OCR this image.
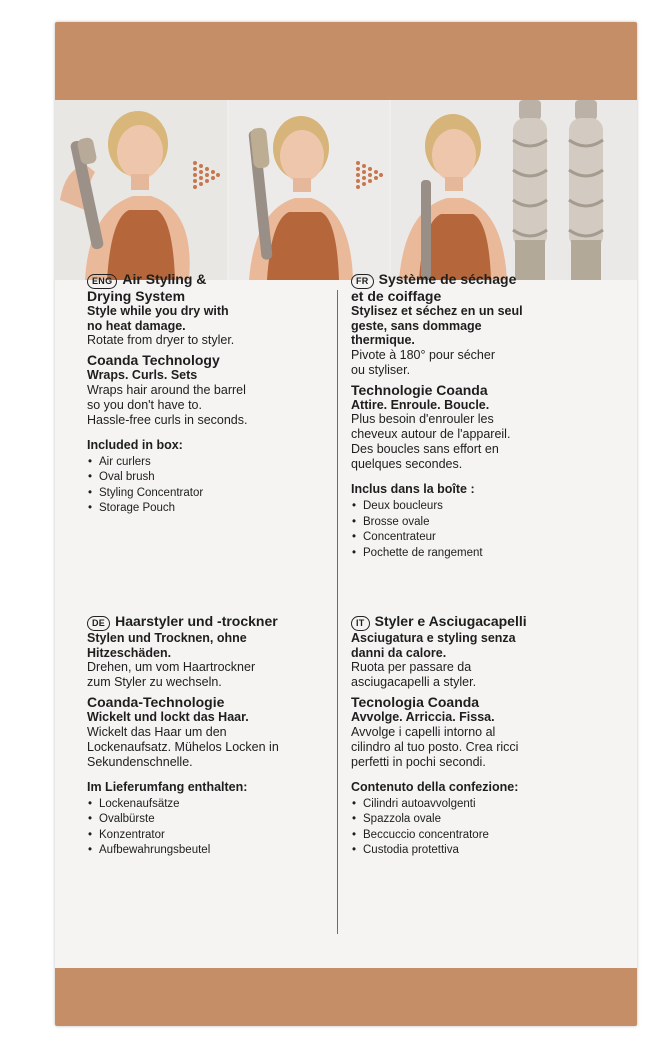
ENG Air Styling &
Drying System
Style while you dry with
no heat damage.
Rotate from dryer to styler.
Coanda Technology
Wraps. Curls. Sets
Wraps hair around the barrel
so you don't have to.
Hassle-free curls in seconds.
Included in box:
• Air curlers
• Oval brush
• Styling Concentrator
• Storage Pouch
FR Système de séchage
et de coiffage
Stylisez et séchez en un seul
geste, sans dommage
thermique.
Pivote à 180° pour sécher
ou styliser.
Technologie Coanda
Attire. Enroule. Boucle.
Plus besoin d'enrouler les
cheveux autour de l'appareil.
Des boucles sans effort en
quelques secondes.
Inclus dans la boîte :
• Deux boucleurs
• Brosse ovale
• Concentrateur
• Pochette de rangement
DE Haarstyler und -trockner
Stylen und Trocknen, ohne
Hitzeschäden.
Drehen, um vom Haartrockner
zum Styler zu wechseln.
Coanda-Technologie
Wickelt und lockt das Haar.
Wickelt das Haar um den
Lockenaufsatz. Mühelos Locken in
Sekundenschnelle.
Im Lieferumfang enthalten:
• Lockenaufsätze
• Ovalbürste
• Konzentrator
• Aufbewahrungsbeutel
IT Styler e Asciugacapelli
Asciugatura e styling senza
danni da calore.
Ruota per passare da
asciugacapelli a styler.
Tecnologia Coanda
Avvolge. Arriccia. Fissa.
Avvolge i capelli intorno al
cilindro al tuo posto. Crea ricci
perfetti in pochi secondi.
Contenuto della confezione:
• Cilindri autoavvolgenti
• Spazzola ovale
• Beccuccio concentratore
• Custodia protettiva
